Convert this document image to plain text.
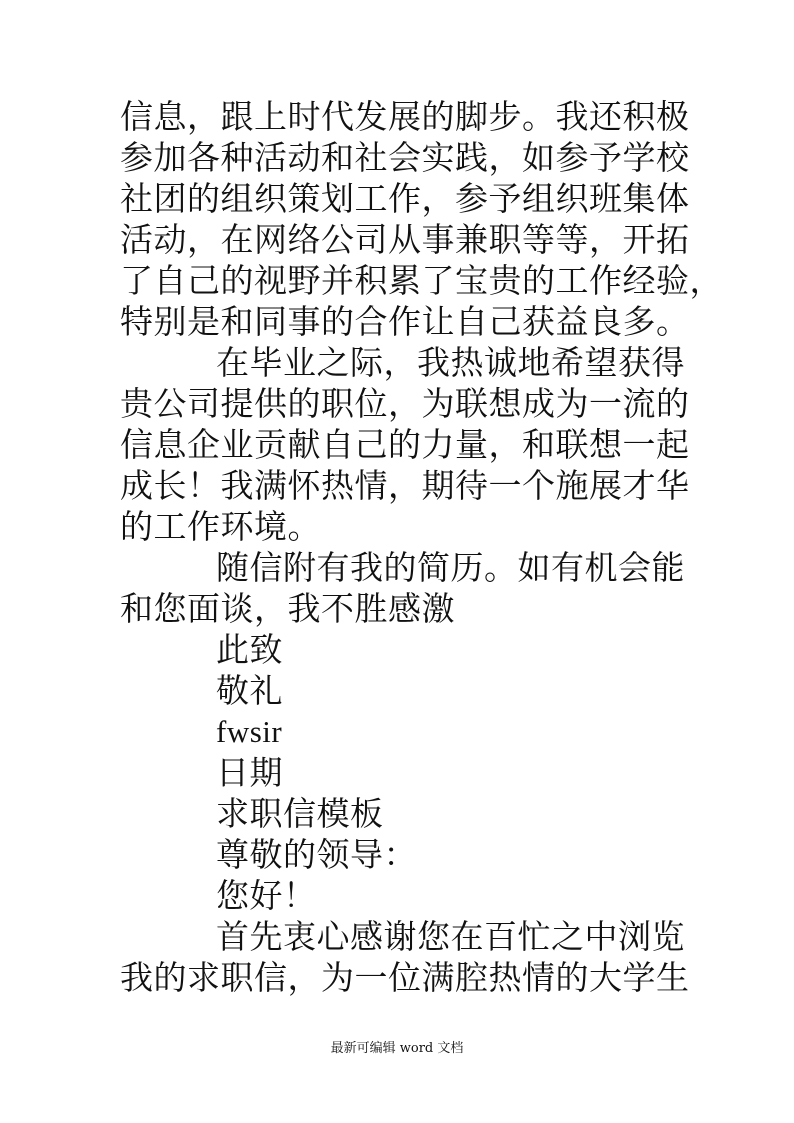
信息，跟上时代发展的脚步。我还积极
参加各种活动和社会实践，如参予学校
社团的组织策划工作，参予组织班集体
活动，在网络公司从事兼职等等，开拓
了自己的视野并积累了宝贵的工作经验，
特别是和同事的合作让自己获益良多。
在毕业之际，我热诚地希望获得
贵公司提供的职位，为联想成为一流的
信息企业贡献自己的力量，和联想一起
成长！我满怀热情，期待一个施展才华
的工作环境。
随信附有我的简历。如有机会能
和您面谈，我不胜感激
此致
敬礼
fwsir
日期
求职信模板
尊敬的领导：
您好！
首先衷心感谢您在百忙之中浏览
我的求职信，为一位满腔热情的大学生
最新可编辑 word 文档
